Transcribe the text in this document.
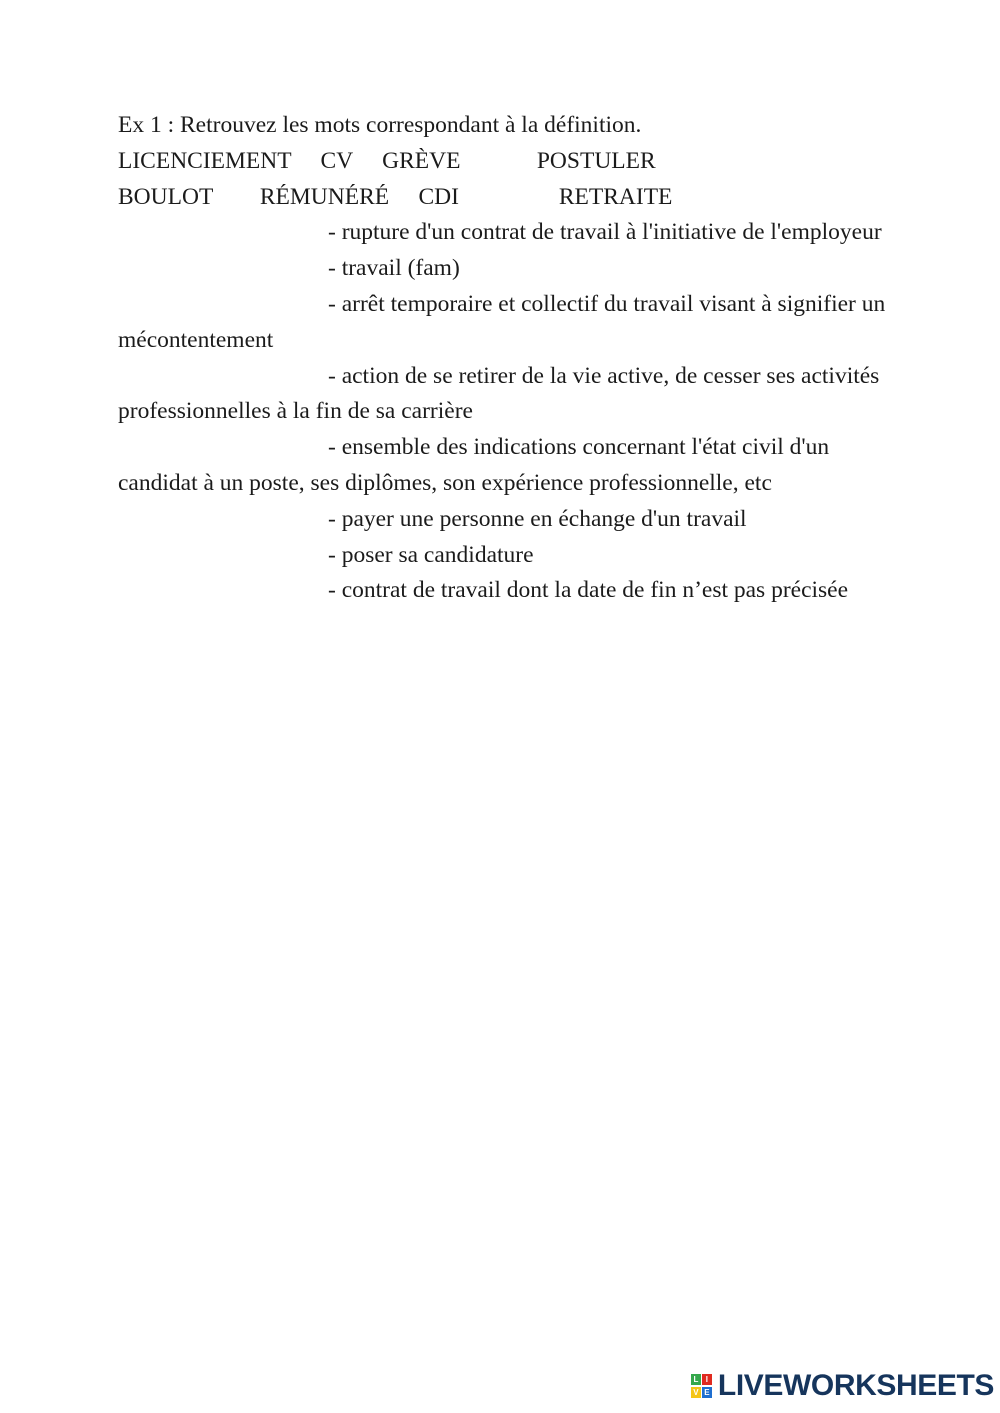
Ex 1 : Retrouvez les mots correspondant à la définition.
LICENCIEMENT     CV     GRÈVE             POSTULER
BOULOT        RÉMUNÉRÉ     CDI                 RETRAITE
- rupture d'un contrat de travail à l'initiative de l'employeur
- travail (fam)
- arrêt temporaire et collectif du travail visant à signifier un mécontentement
- action de se retirer de la vie active, de cesser ses activités professionnelles à la fin de sa carrière
- ensemble des indications concernant l'état civil d'un candidat à un poste, ses diplômes, son expérience professionnelle, etc
- payer une personne en échange d'un travail
- poser sa candidature
- contrat de travail dont la date de fin n’est pas précisée
L I
V E LIVEWORKSHEETS
